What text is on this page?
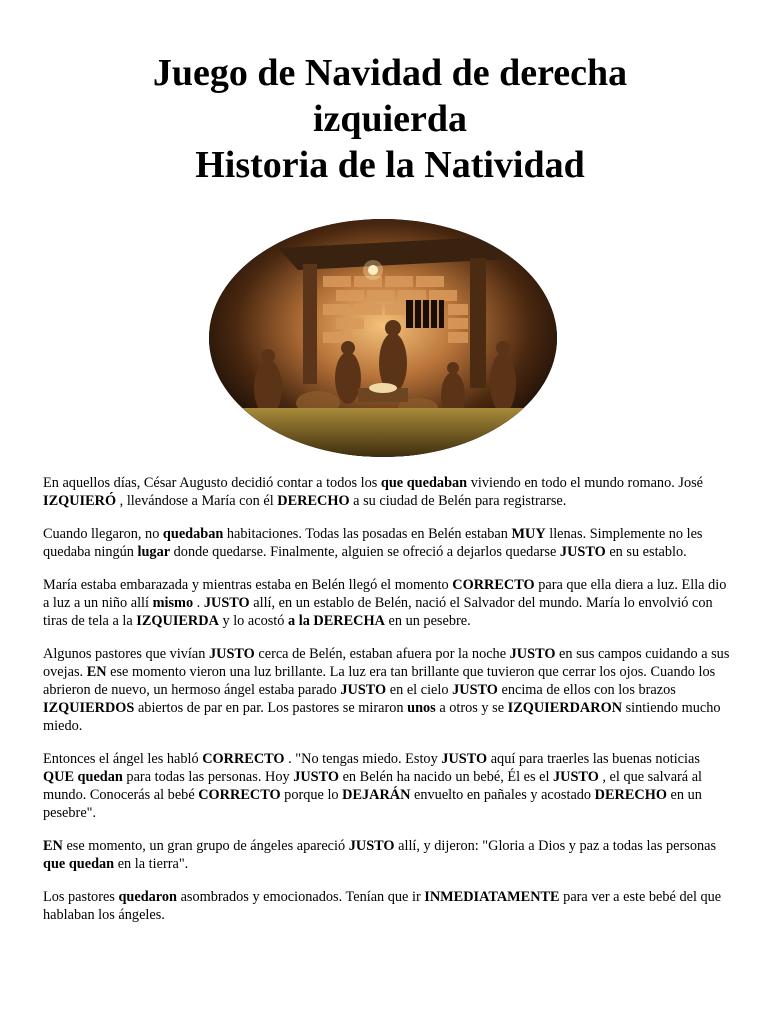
Juego de Navidad de derecha
izquierda
Historia de la Natividad

En aquellos días, César Augusto decidió contar a todos los que quedaban viviendo en todo el mundo romano. José IZQUIERÓ , llevándose a María con él DERECHO a su ciudad de Belén para registrarse.

Cuando llegaron, no quedaban habitaciones. Todas las posadas en Belén estaban MUY llenas. Simplemente no les quedaba ningún lugar donde quedarse. Finalmente, alguien se ofreció a dejarlos quedarse JUSTO en su establo.

María estaba embarazada y mientras estaba en Belén llegó el momento CORRECTO para que ella diera a luz. Ella dio a luz a un niño allí mismo . JUSTO allí, en un establo de Belén, nació el Salvador del mundo. María lo envolvió con tiras de tela a la IZQUIERDA y lo acostó a la DERECHA en un pesebre.

Algunos pastores que vivían JUSTO cerca de Belén, estaban afuera por la noche JUSTO en sus campos cuidando a sus ovejas. EN ese momento vieron una luz brillante. La luz era tan brillante que tuvieron que cerrar los ojos. Cuando los abrieron de nuevo, un hermoso ángel estaba parado JUSTO en el cielo JUSTO encima de ellos con los brazos IZQUIERDOS abiertos de par en par. Los pastores se miraron unos a otros y se IZQUIERDARON sintiendo mucho miedo.

Entonces el ángel les habló CORRECTO . "No tengas miedo. Estoy JUSTO aquí para traerles las buenas noticias QUE quedan para todas las personas. Hoy JUSTO en Belén ha nacido un bebé, Él es el JUSTO , el que salvará al mundo. Conocerás al bebé CORRECTO porque lo DEJARÁN envuelto en pañales y acostado DERECHO en un pesebre".

EN ese momento, un gran grupo de ángeles apareció JUSTO allí, y dijeron: "Gloria a Dios y paz a todas las personas que quedan en la tierra".

Los pastores quedaron asombrados y emocionados. Tenían que ir INMEDIATAMENTE para ver a este bebé del que hablaban los ángeles.
